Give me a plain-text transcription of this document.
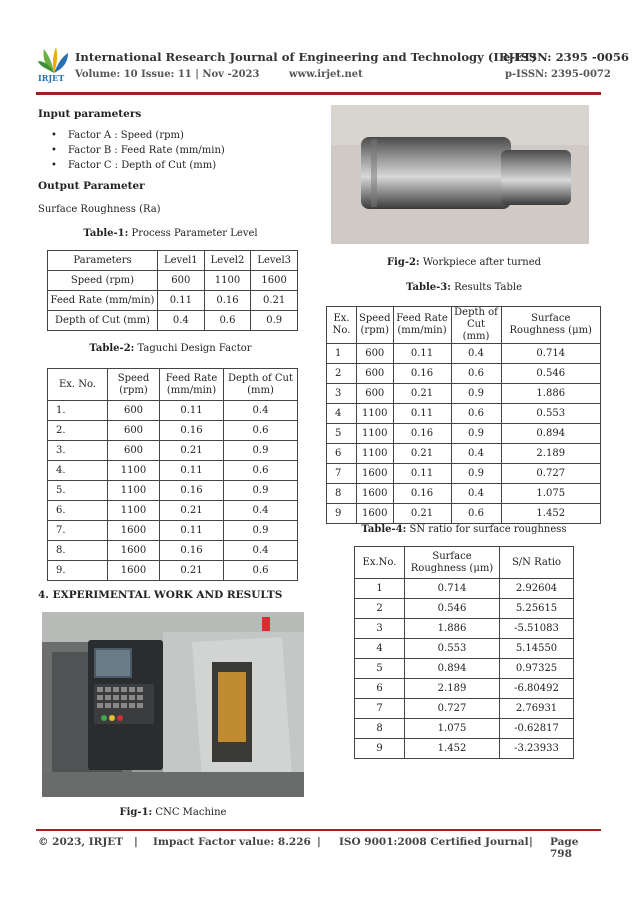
IRJET
International Research Journal of Engineering and Technology (IRJET)
e-ISSN: 2395 -0056
Volume: 10 Issue: 11 | Nov -2023	www.irjet.net	p-ISSN: 2395-0072
Input parameters
• Factor A : Speed (rpm)
• Factor B : Feed Rate (mm/min)
• Factor C : Depth of Cut (mm)
Output Parameter
Surface Roughness (Ra)
Table-1: Process Parameter Level
Parameters	Level1	Level2	Level3
Speed (rpm)	600	1100	1600
Feed Rate (mm/min)	0.11	0.16	0.21
Depth of Cut (mm)	0.4	0.6	0.9
Table-2: Taguchi Design Factor
Ex. No.	Speed (rpm)	Feed Rate (mm/min)	Depth of Cut (mm)
1.	600	0.11	0.4
2.	600	0.16	0.6
3.	600	0.21	0.9
4.	1100	0.11	0.6
5.	1100	0.16	0.9
6.	1100	0.21	0.4
7.	1600	0.11	0.9
8.	1600	0.16	0.4
9.	1600	0.21	0.6
4. EXPERIMENTAL WORK AND RESULTS
Fig-1: CNC Machine
Fig-2: Workpiece after turned
Table-3: Results Table
Ex. No.	Speed (rpm)	Feed Rate (mm/min)	Depth of Cut (mm)	Surface Roughness (μm)
1	600	0.11	0.4	0.714
2	600	0.16	0.6	0.546
3	600	0.21	0.9	1.886
4	1100	0.11	0.6	0.553
5	1100	0.16	0.9	0.894
6	1100	0.21	0.4	2.189
7	1600	0.11	0.9	0.727
8	1600	0.16	0.4	1.075
9	1600	0.21	0.6	1.452
Table-4: SN ratio for surface roughness
Ex.No.	Surface Roughness (μm)	S/N Ratio
1	0.714	2.92604
2	0.546	5.25615
3	1.886	-5.51083
4	0.553	5.14550
5	0.894	0.97325
6	2.189	-6.80492
7	0.727	2.76931
8	1.075	-0.62817
9	1.452	-3.23933
© 2023, IRJET | Impact Factor value: 8.226 | ISO 9001:2008 Certified Journal | Page 798
